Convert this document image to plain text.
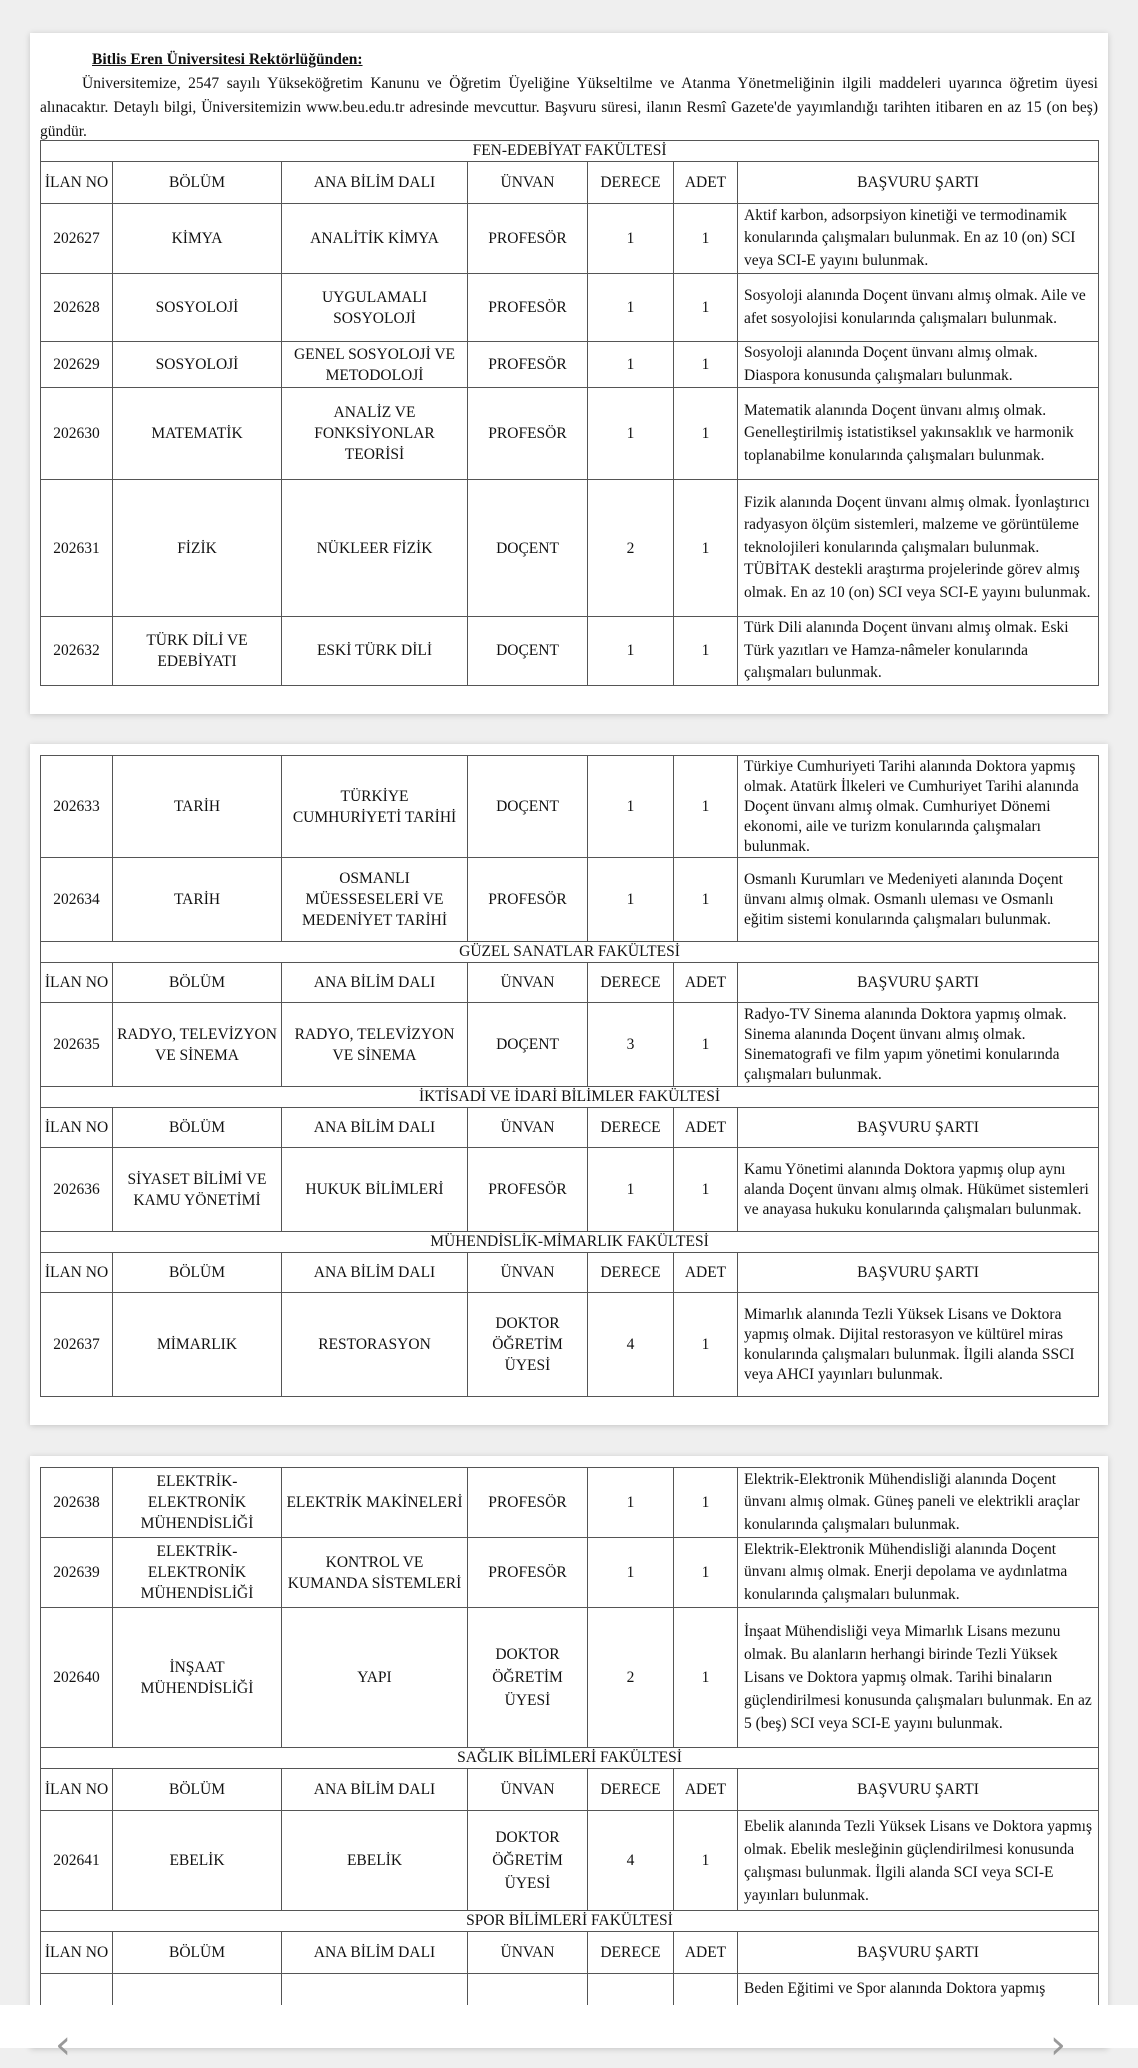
Bitlis Eren Üniversitesi Rektörlüğünden:
Üniversitemize, 2547 sayılı Yükseköğretim Kanunu ve Öğretim Üyeliğine Yükseltilme ve Atanma Yönetmeliğinin ilgili maddeleri uyarınca öğretim üyesi alınacaktır. Detaylı bilgi, Üniversitemizin www.beu.edu.tr adresinde mevcuttur. Başvuru süresi, ilanın Resmî Gazete'de yayımlandığı tarihten itibaren en az 15 (on beş) gündür.

FEN-EDEBİYAT FAKÜLTESİ						
İLAN NO	BÖLÜM	ANA BİLİM DALI	ÜNVAN	DERECE	ADET	BAŞVURU ŞARTI
202627	KİMYA	ANALİTİK KİMYA	PROFESÖR	1	1	Aktif karbon, adsorpsiyon kinetiği ve termodinamik konularında çalışmaları bulunmak. En az 10 (on) SCI veya SCI-E yayını bulunmak.
202628	SOSYOLOJİ	UYGULAMALI SOSYOLOJİ	PROFESÖR	1	1	Sosyoloji alanında Doçent ünvanı almış olmak. Aile ve afet sosyolojisi konularında çalışmaları bulunmak.
202629	SOSYOLOJİ	GENEL SOSYOLOJİ VE METODOLOJİ	PROFESÖR	1	1	Sosyoloji alanında Doçent ünvanı almış olmak. Diaspora konusunda çalışmaları bulunmak.
202630	MATEMATİK	ANALİZ VE FONKSİYONLAR TEORİSİ	PROFESÖR	1	1	Matematik alanında Doçent ünvanı almış olmak. Genelleştirilmiş istatistiksel yakınsaklık ve harmonik toplanabilme konularında çalışmaları bulunmak.
202631	FİZİK	NÜKLEER FİZİK	DOÇENT	2	1	Fizik alanında Doçent ünvanı almış olmak. İyonlaştırıcı radyasyon ölçüm sistemleri, malzeme ve görüntüleme teknolojileri konularında çalışmaları bulunmak. TÜBİTAK destekli araştırma projelerinde görev almış olmak. En az 10 (on) SCI veya SCI-E yayını bulunmak.
202632	TÜRK DİLİ VE EDEBİYATI	ESKİ TÜRK DİLİ	DOÇENT	1	1	Türk Dili alanında Doçent ünvanı almış olmak. Eski Türk yazıtları ve Hamza-nâmeler konularında çalışmaları bulunmak.
202633	TARİH	TÜRKİYE CUMHURİYETİ TARİHİ	DOÇENT	1	1	Türkiye Cumhuriyeti Tarihi alanında Doktora yapmış olmak. Atatürk İlkeleri ve Cumhuriyet Tarihi alanında Doçent ünvanı almış olmak. Cumhuriyet Dönemi ekonomi, aile ve turizm konularında çalışmaları bulunmak.
202634	TARİH	OSMANLI MÜESSESELERİ VE MEDENİYET TARİHİ	PROFESÖR	1	1	Osmanlı Kurumları ve Medeniyeti alanında Doçent ünvanı almış olmak. Osmanlı uleması ve Osmanlı eğitim sistemi konularında çalışmaları bulunmak.
GÜZEL SANATLAR FAKÜLTESİ						
İLAN NO	BÖLÜM	ANA BİLİM DALI	ÜNVAN	DERECE	ADET	BAŞVURU ŞARTI
202635	RADYO, TELEVİZYON VE SİNEMA	RADYO, TELEVİZYON VE SİNEMA	DOÇENT	3	1	Radyo-TV Sinema alanında Doktora yapmış olmak. Sinema alanında Doçent ünvanı almış olmak. Sinematografi ve film yapım yönetimi konularında çalışmaları bulunmak.
İKTİSADİ VE İDARİ BİLİMLER FAKÜLTESİ						
İLAN NO	BÖLÜM	ANA BİLİM DALI	ÜNVAN	DERECE	ADET	BAŞVURU ŞARTI
202636	SİYASET BİLİMİ VE KAMU YÖNETİMİ	HUKUK BİLİMLERİ	PROFESÖR	1	1	Kamu Yönetimi alanında Doktora yapmış olup aynı alanda Doçent ünvanı almış olmak. Hükümet sistemleri ve anayasa hukuku konularında çalışmaları bulunmak.
MÜHENDİSLİK-MİMARLIK FAKÜLTESİ						
İLAN NO	BÖLÜM	ANA BİLİM DALI	ÜNVAN	DERECE	ADET	BAŞVURU ŞARTI
202637	MİMARLIK	RESTORASYON	DOKTOR ÖĞRETİM ÜYESİ	4	1	Mimarlık alanında Tezli Yüksek Lisans ve Doktora yapmış olmak. Dijital restorasyon ve kültürel miras konularında çalışmaları bulunmak. İlgili alanda SSCI veya AHCI yayınları bulunmak.
202638	ELEKTRİK-ELEKTRONİK MÜHENDİSLİĞİ	ELEKTRİK MAKİNELERİ	PROFESÖR	1	1	Elektrik-Elektronik Mühendisliği alanında Doçent ünvanı almış olmak. Güneş paneli ve elektrikli araçlar konularında çalışmaları bulunmak.
202639	ELEKTRİK-ELEKTRONİK MÜHENDİSLİĞİ	KONTROL VE KUMANDA SİSTEMLERİ	PROFESÖR	1	1	Elektrik-Elektronik Mühendisliği alanında Doçent ünvanı almış olmak. Enerji depolama ve aydınlatma konularında çalışmaları bulunmak.
202640	İNŞAAT MÜHENDİSLİĞİ	YAPI	DOKTOR ÖĞRETİM ÜYESİ	2	1	İnşaat Mühendisliği veya Mimarlık Lisans mezunu olmak. Bu alanların herhangi birinde Tezli Yüksek Lisans ve Doktora yapmış olmak. Tarihi binaların güçlendirilmesi konusunda çalışmaları bulunmak. En az 5 (beş) SCI veya SCI-E yayını bulunmak.
SAĞLIK BİLİMLERİ FAKÜLTESİ						
İLAN NO	BÖLÜM	ANA BİLİM DALI	ÜNVAN	DERECE	ADET	BAŞVURU ŞARTI
202641	EBELİK	EBELİK	DOKTOR ÖĞRETİM ÜYESİ	4	1	Ebelik alanında Tezli Yüksek Lisans ve Doktora yapmış olmak. Ebelik mesleğinin güçlendirilmesi konusunda çalışması bulunmak. İlgili alanda SCI veya SCI-E yayınları bulunmak.
SPOR BİLİMLERİ FAKÜLTESİ						
İLAN NO	BÖLÜM	ANA BİLİM DALI	ÜNVAN	DERECE	ADET	BAŞVURU ŞARTI
						Beden Eğitimi ve Spor alanında Doktora yapmış
‹	›
